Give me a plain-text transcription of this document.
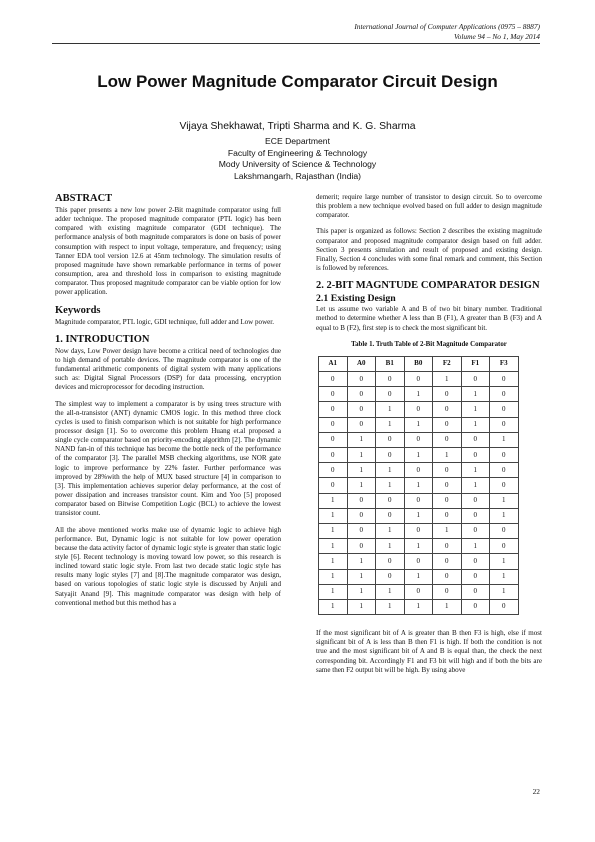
International Journal of Computer Applications (0975 – 8887)
Volume 94 – No 1, May 2014
Low Power Magnitude Comparator Circuit Design
Vijaya Shekhawat, Tripti Sharma and K. G. Sharma
ECE Department
Faculty of Engineering & Technology
Mody University of Science & Technology
Lakshmangarh, Rajasthan (India)
ABSTRACT

This paper presents a new low power 2-Bit magnitude comparator using full adder technique. The proposed magnitude comparator (PTL logic) has been compared with existing magnitude comparator (GDI technique). The performance analysis of both magnitude comparators is done on basis of power consumption with respect to input voltage, temperature, and frequency; using Tanner EDA tool version 12.6 at 45nm technology. The simulation results of proposed magnitude have shown remarkable performance in terms of power consumption, area and threshold loss in comparison to existing magnitude comparator. Thus proposed magnitude comparator can be viable option for low power application.

Keywords

Magnitude comparator, PTL logic, GDI technique, full adder and Low power.

1. INTRODUCTION

Now days, Low Power design have become a critical need of technologies due to high demand of portable devices. The magnitude comparator is one of the fundamental arithmetic components of digital system with many applications such as: Digital Signal Processors (DSP) for data processing, encryption devices and microprocessor for decoding instruction.

The simplest way to implement a comparator is by using trees structure with the all-n-transistor (ANT) dynamic CMOS logic. In this method three clock cycles is used to finish comparison which is not suitable for high performance processor design [1]. So to overcome this problem Huang et.al proposed a single cycle comparator based on priority-encoding algorithm [2]. The dynamic NAND fan-in of this technique has become the bottle neck of the performance of the comparator [3]. The parallel MSB checking algorithms, use NOR gate logic to improve performance by 22% faster. Further performance was improved by 28%with the help of MUX based structure [4] in comparison to [3]. This implementation achieves superior delay performance, at the cost of power dissipation and increases transistor count. Kim and Yoo [5] proposed comparator based on Bitwise Competition Logic (BCL) to achieve the lowest transistor count.

All the above mentioned works make use of dynamic logic to achieve high performance. But, Dynamic logic is not suitable for low power operation because the data activity factor of dynamic logic style is greater than static logic style [6]. Recent technology is moving toward low power, so this research is inclined toward static logic style. From last two decade static logic style has results many logic styles [7] and [8].The magnitude comparator was design, based on various topologies of static logic style is discussed by Anjuli and Satyajit Anand [9]. This magnitude comparator was design with help of conventional method but this method has a

demerit; require large number of transistor to design circuit. So to overcome this problem a new technique evolved based on full adder to design magnitude comparator.

This paper is organized as follows: Section 2 describes the existing magnitude comparator and proposed magnitude comparator design based on full adder. Section 3 presents simulation and result of proposed and existing design. Finally, Section 4 concludes with some final remark and comment, this Section is followed by references.

2. 2-BIT MAGNTUDE COMPARATOR DESIGN
2.1 Existing Design

Let us assume two variable A and B of two bit binary number. Traditional method to determine whether A less than B (F1), A greater than B (F3) and A equal to B (F2), first step is to check the most significant bit.

Table 1. Truth Table of 2-Bit Magnitude Comparator
A1	A0	B1	B0	F2	F1	F3
0	0	0	0	1	0	0
0	0	0	1	0	1	0
0	0	1	0	0	1	0
0	0	1	1	0	1	0
0	1	0	0	0	0	1
0	1	0	1	1	0	0
0	1	1	0	0	1	0
0	1	1	1	0	1	0
1	0	0	0	0	0	1
1	0	0	1	0	0	1
1	0	1	0	1	0	0
1	0	1	1	0	1	0
1	1	0	0	0	0	1
1	1	0	1	0	0	1
1	1	1	0	0	0	1
1	1	1	1	1	0	0

If the most significant bit of A is greater than B then F3 is high, else if most significant bit of A is less than B then F1 is high. If both the condition is not true and the most significant bit of A and B is equal than, the check the next corresponding bit. Accordingly F1 and F3 bit will high and if both the bits are same then F2 output bit will be high. By using above

22
